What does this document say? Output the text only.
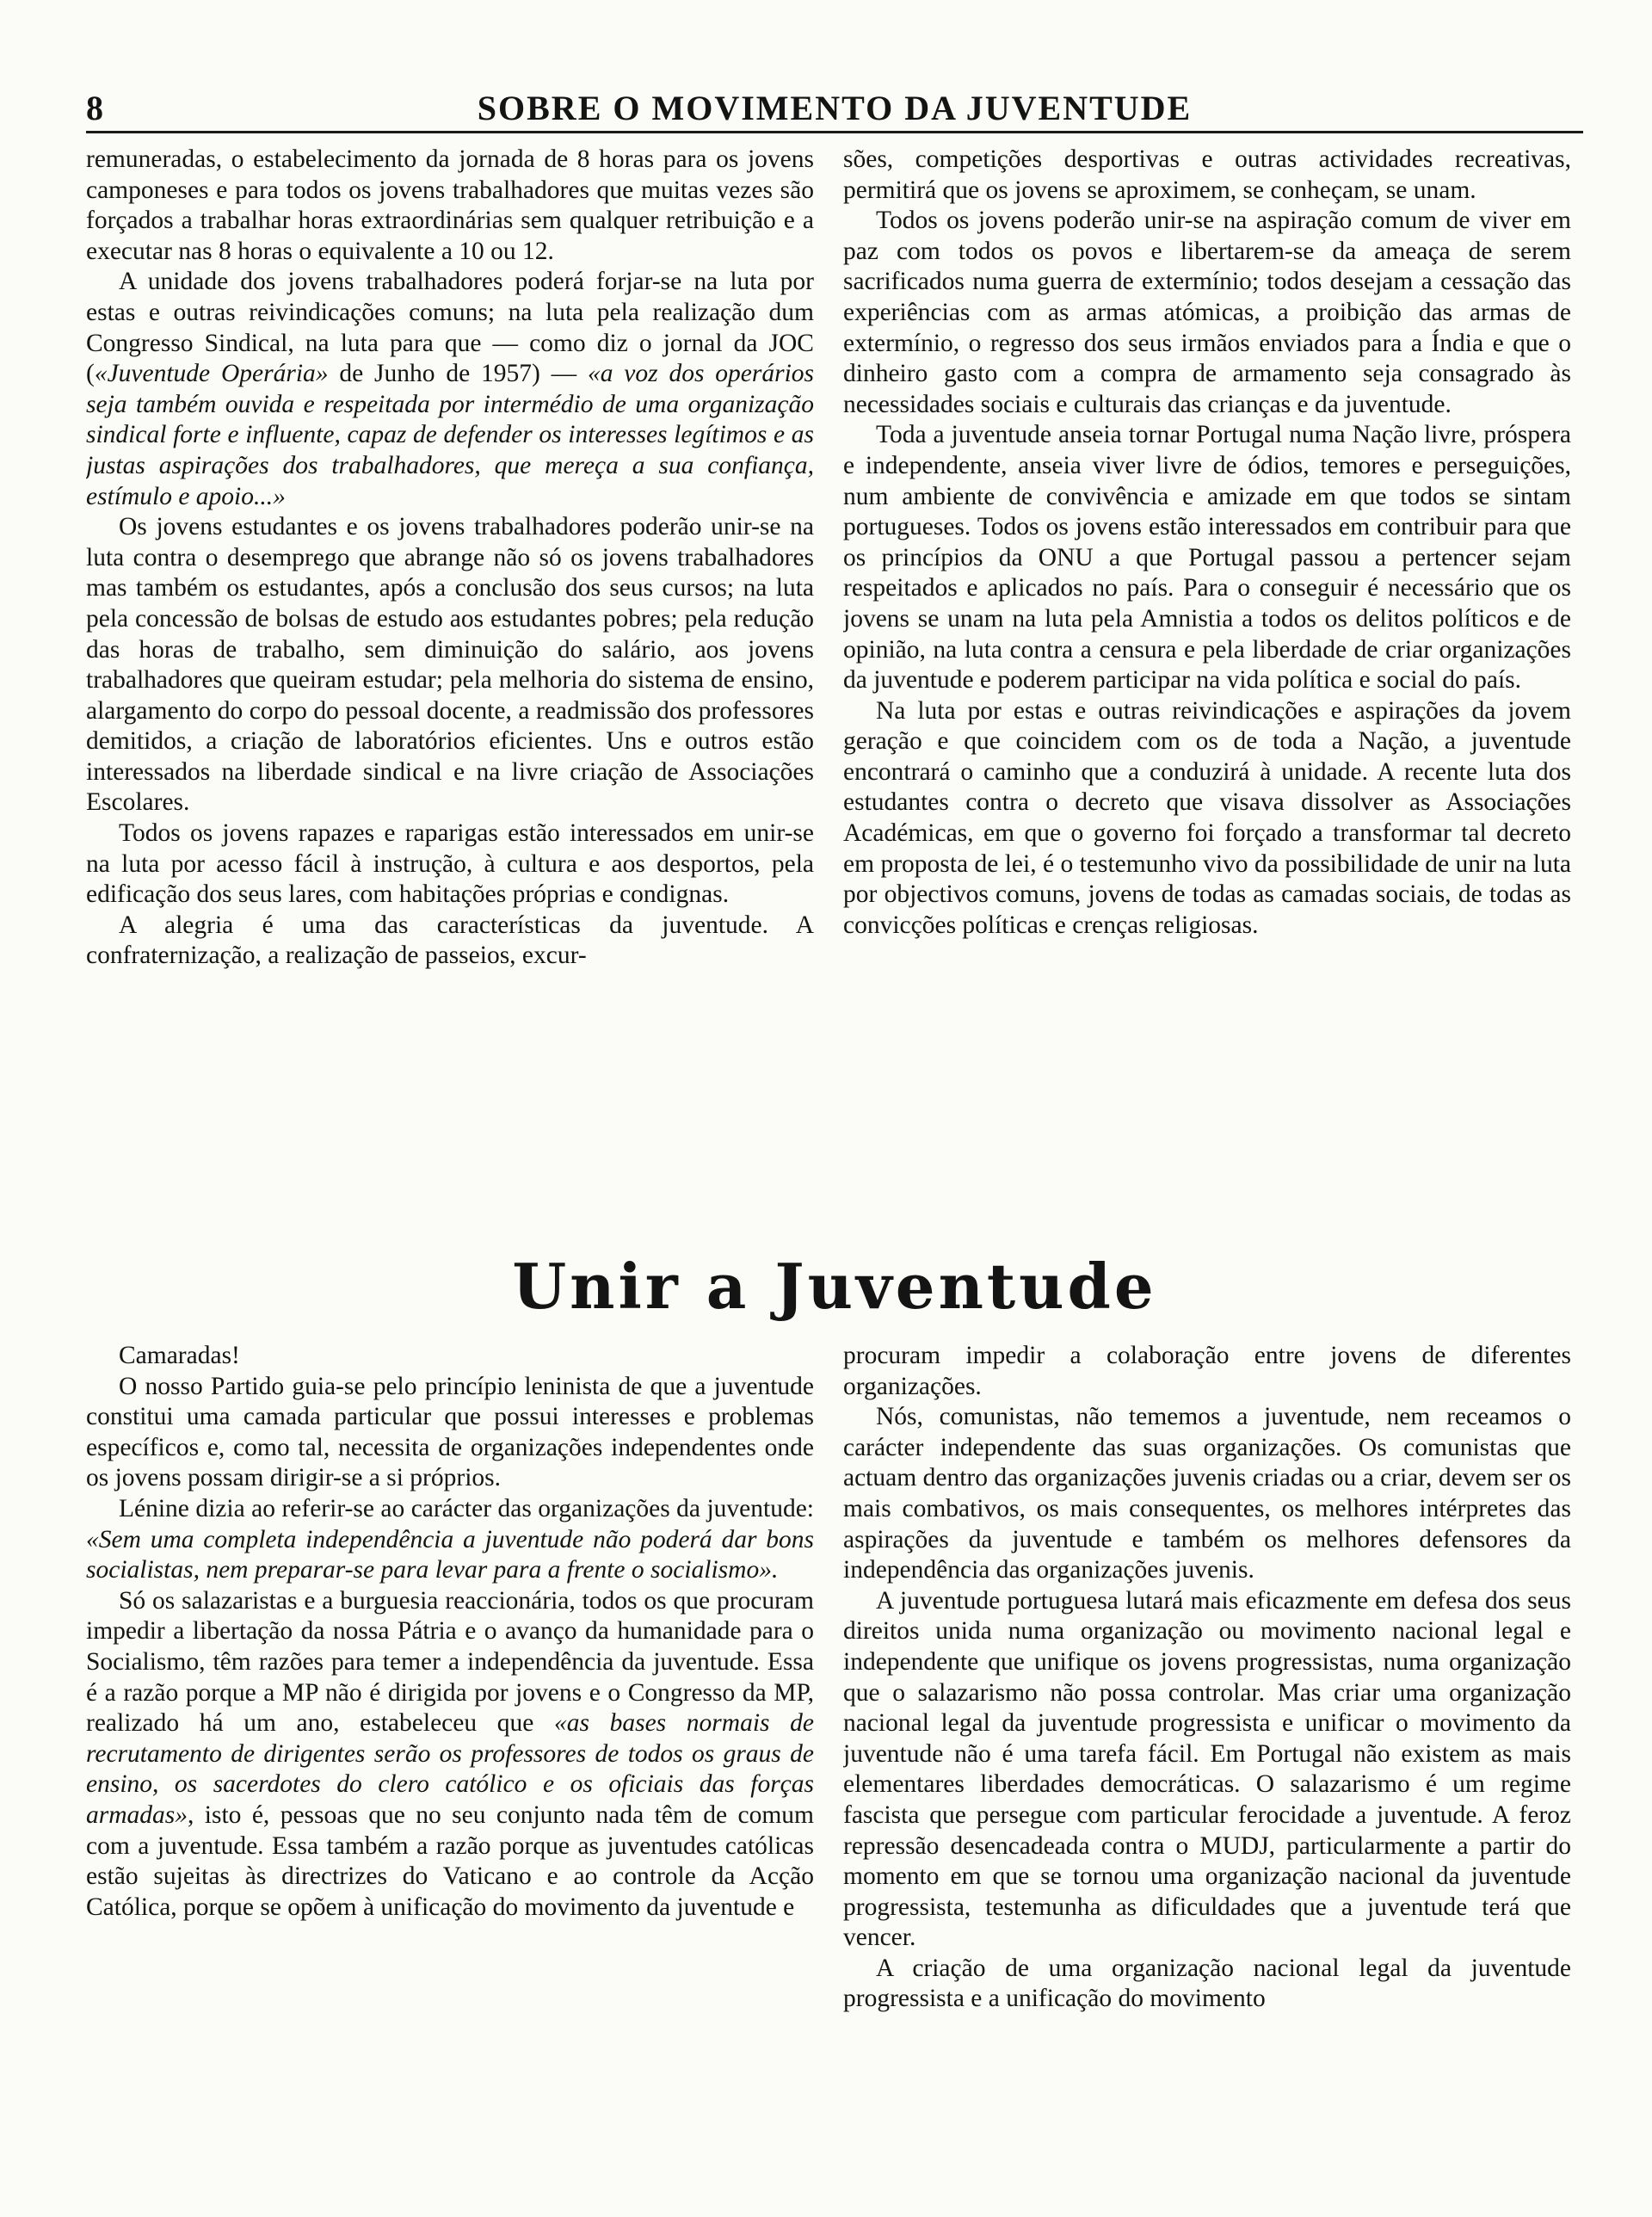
8	SOBRE O MOVIMENTO DA JUVENTUDE

remuneradas, o estabelecimento da jornada de 8 horas para os jovens camponeses e para todos os jovens trabalhadores que muitas vezes são forçados a trabalhar horas extraordinárias sem qualquer retribuição e a executar nas 8 horas o equivalente a 10 ou 12.

A unidade dos jovens trabalhadores poderá forjar-se na luta por estas e outras reivindicações comuns; na luta pela realização dum Congresso Sindical, na luta para que — como diz o jornal da JOC («Juventude Operária» de Junho de 1957) — «a voz dos operários seja também ouvida e respeitada por intermédio de uma organização sindical forte e influente, capaz de defender os interesses legítimos e as justas aspirações dos trabalhadores, que mereça a sua confiança, estímulo e apoio...»

Os jovens estudantes e os jovens trabalhadores poderão unir-se na luta contra o desemprego que abrange não só os jovens trabalhadores mas também os estudantes, após a conclusão dos seus cursos; na luta pela concessão de bolsas de estudo aos estudantes pobres; pela redução das horas de trabalho, sem diminuição do salário, aos jovens trabalhadores que queiram estudar; pela melhoria do sistema de ensino, alargamento do corpo do pessoal docente, a readmissão dos professores demitidos, a criação de laboratórios eficientes. Uns e outros estão interessados na liberdade sindical e na livre criação de Associações Escolares.

Todos os jovens rapazes e raparigas estão interessados em unir-se na luta por acesso fácil à instrução, à cultura e aos desportos, pela edificação dos seus lares, com habitações próprias e condignas.

A alegria é uma das características da juventude. A confraternização, a realização de passeios, excur-

sões, competições desportivas e outras actividades recreativas, permitirá que os jovens se aproximem, se conheçam, se unam.

Todos os jovens poderão unir-se na aspiração comum de viver em paz com todos os povos e libertarem-se da ameaça de serem sacrificados numa guerra de extermínio; todos desejam a cessação das experiências com as armas atómicas, a proibição das armas de extermínio, o regresso dos seus irmãos enviados para a Índia e que o dinheiro gasto com a compra de armamento seja consagrado às necessidades sociais e culturais das crianças e da juventude.

Toda a juventude anseia tornar Portugal numa Nação livre, próspera e independente, anseia viver livre de ódios, temores e perseguições, num ambiente de convivência e amizade em que todos se sintam portugueses. Todos os jovens estão interessados em contribuir para que os princípios da ONU a que Portugal passou a pertencer sejam respeitados e aplicados no país. Para o conseguir é necessário que os jovens se unam na luta pela Amnistia a todos os delitos políticos e de opinião, na luta contra a censura e pela liberdade de criar organizações da juventude e poderem participar na vida política e social do país.

Na luta por estas e outras reivindicações e aspirações da jovem geração e que coincidem com os de toda a Nação, a juventude encontrará o caminho que a conduzirá à unidade. A recente luta dos estudantes contra o decreto que visava dissolver as Associações Académicas, em que o governo foi forçado a transformar tal decreto em proposta de lei, é o testemunho vivo da possibilidade de unir na luta por objectivos comuns, jovens de todas as camadas sociais, de todas as convicções políticas e crenças religiosas.

Unir a Juventude

Camaradas!

O nosso Partido guia-se pelo princípio leninista de que a juventude constitui uma camada particular que possui interesses e problemas específicos e, como tal, necessita de organizações independentes onde os jovens possam dirigir-se a si próprios.

Lénine dizia ao referir-se ao carácter das organizações da juventude: «Sem uma completa independência a juventude não poderá dar bons socialistas, nem preparar-se para levar para a frente o socialismo».

Só os salazaristas e a burguesia reaccionária, todos os que procuram impedir a libertação da nossa Pátria e o avanço da humanidade para o Socialismo, têm razões para temer a independência da juventude. Essa é a razão porque a MP não é dirigida por jovens e o Congresso da MP, realizado há um ano, estabeleceu que «as bases normais de recrutamento de dirigentes serão os professores de todos os graus de ensino, os sacerdotes do clero católico e os oficiais das forças armadas», isto é, pessoas que no seu conjunto nada têm de comum com a juventude. Essa também a razão porque as juventudes católicas estão sujeitas às directrizes do Vaticano e ao controle da Acção Católica, porque se opõem à unificação do movimento da juventude e

procuram impedir a colaboração entre jovens de diferentes organizações.

Nós, comunistas, não tememos a juventude, nem receamos o carácter independente das suas organizações. Os comunistas que actuam dentro das organizações juvenis criadas ou a criar, devem ser os mais combativos, os mais consequentes, os melhores intérpretes das aspirações da juventude e também os melhores defensores da independência das organizações juvenis.

A juventude portuguesa lutará mais eficazmente em defesa dos seus direitos unida numa organização ou movimento nacional legal e independente que unifique os jovens progressistas, numa organização que o salazarismo não possa controlar. Mas criar uma organização nacional legal da juventude progressista e unificar o movimento da juventude não é uma tarefa fácil. Em Portugal não existem as mais elementares liberdades democráticas. O salazarismo é um regime fascista que persegue com particular ferocidade a juventude. A feroz repressão desencadeada contra o MUDJ, particularmente a partir do momento em que se tornou uma organização nacional da juventude progressista, testemunha as dificuldades que a juventude terá que vencer.

A criação de uma organização nacional legal da juventude progressista e a unificação do movimento
